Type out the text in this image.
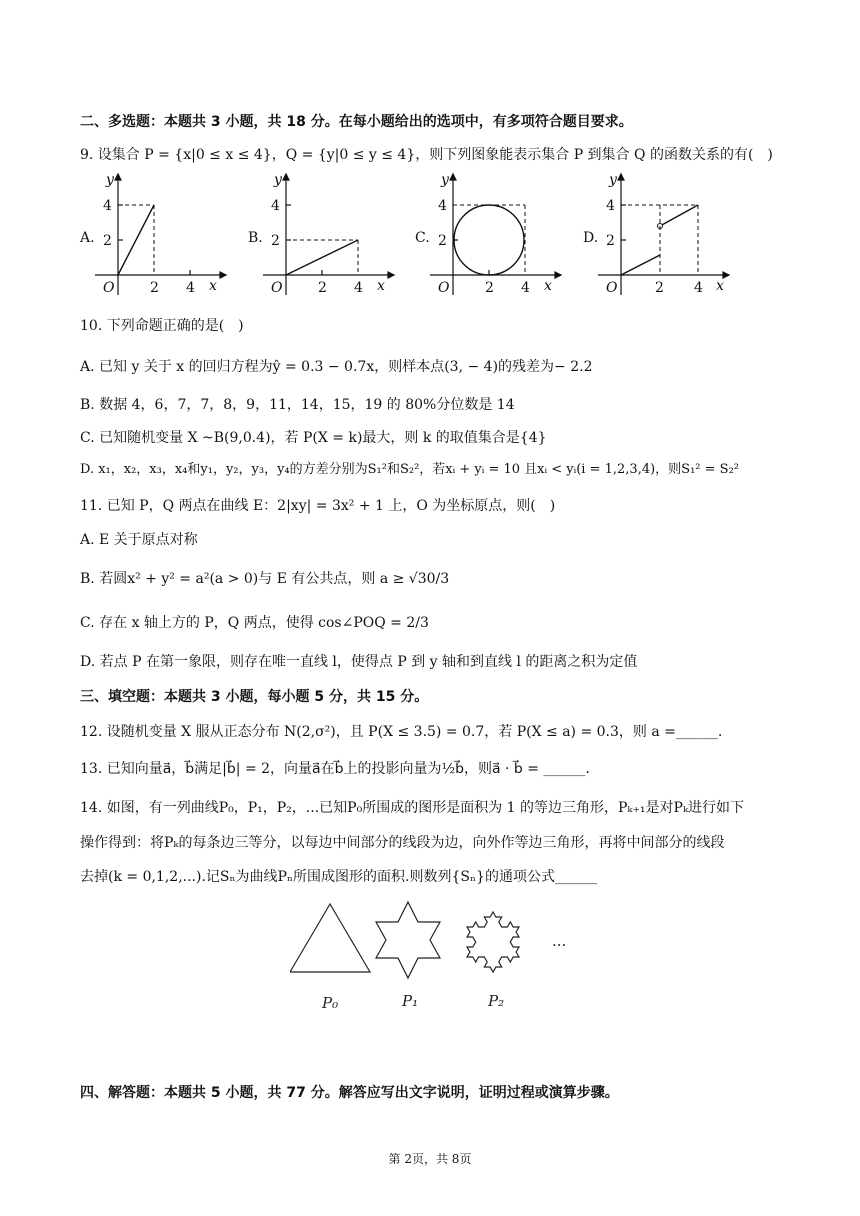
二、多选题：本题共 3 小题，共 18 分。在每小题给出的选项中，有多项符合题目要求。
9. 设集合 P = {x|0 ≤ x ≤ 4}，Q = {y|0 ≤ y ≤ 4}，则下列图象能表示集合 P 到集合 Q 的函数关系的有(　)
A.	B.	C.	D.
y
4
2
O	2 4 x
y
4
2
O	2 4 x
y
4
2
O	2 4 x
y
4
2
O	2 4 x
10. 下列命题正确的是(　)
A. 已知 y 关于 x 的回归方程为ŷ = 0.3 − 0.7x，则样本点(3, − 4)的残差为− 2.2
B. 数据 4，6，7，7，8，9，11，14，15，19 的 80%分位数是 14
C. 已知随机变量 X ~B(9,0.4)，若 P(X = k)最大，则 k 的取值集合是{4}
D. x₁，x₂，x₃，x₄和y₁，y₂，y₃，y₄的方差分别为S₁²和S₂²，若xᵢ + yᵢ = 10 且xᵢ < yᵢ(i = 1,2,3,4)，则S₁² = S₂²
11. 已知 P，Q 两点在曲线 E：2|xy| = 3x² + 1 上，O 为坐标原点，则(　)
A. E 关于原点对称
B. 若圆x² + y² = a²(a > 0)与 E 有公共点，则 a ≥ √30/3
C. 存在 x 轴上方的 P，Q 两点，使得 cos∠POQ = 2/3
D. 若点 P 在第一象限，则存在唯一直线 l，使得点 P 到 y 轴和到直线 l 的距离之积为定值
三、填空题：本题共 3 小题，每小题 5 分，共 15 分。
12. 设随机变量 X 服从正态分布 N(2,σ²)，且 P(X ≤ 3.5) = 0.7，若 P(X ≤ a) = 0.3，则 a =______.
13. 已知向量a⃗，b⃗满足|b⃗| = 2，向量a⃗在b⃗上的投影向量为½b⃗，则a⃗ · b⃗ = ______.
14. 如图，有一列曲线P₀，P₁，P₂，...已知P₀所围成的图形是面积为 1 的等边三角形，Pₖ₊₁是对Pₖ进行如下
操作得到：将Pₖ的每条边三等分，以每边中间部分的线段为边，向外作等边三角形，再将中间部分的线段
去掉(k = 0,1,2,...).记Sₙ为曲线Pₙ所围成图形的面积.则数列{Sₙ}的通项公式______
P₀	P₁	P₂
...
四、解答题：本题共 5 小题，共 77 分。解答应写出文字说明，证明过程或演算步骤。
第 2页，共 8页
